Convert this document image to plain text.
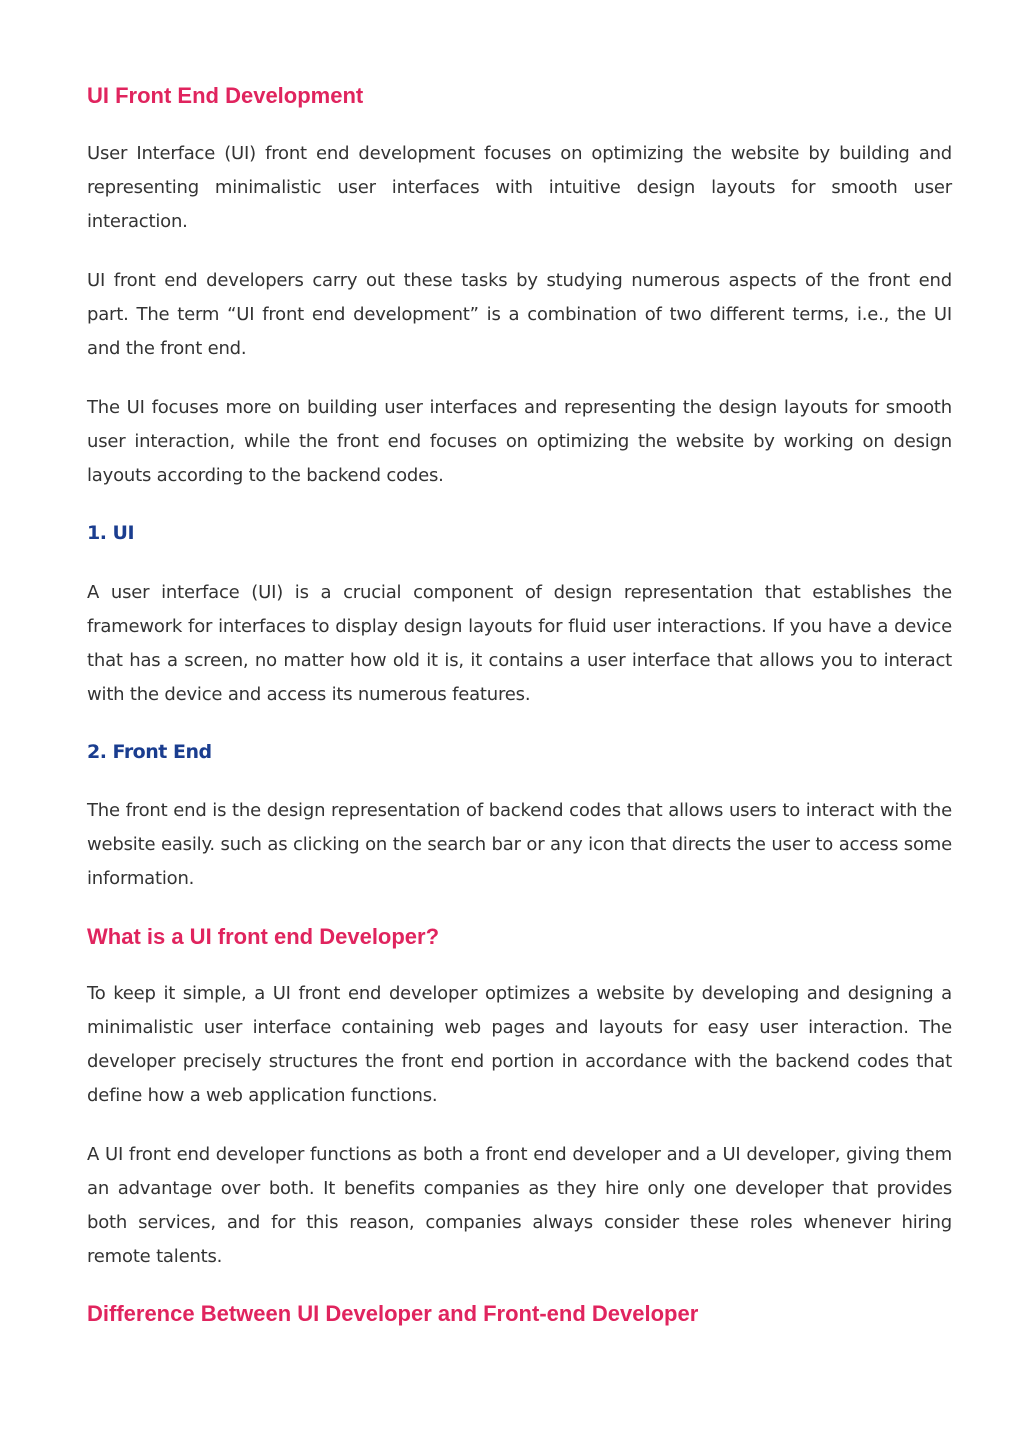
UI Front End Development

User Interface (UI) front end development focuses on optimizing the website by building and representing minimalistic user interfaces with intuitive design layouts for smooth user interaction.

UI front end developers carry out these tasks by studying numerous aspects of the front end part. The term “UI front end development” is a combination of two different terms, i.e., the UI and the front end.

The UI focuses more on building user interfaces and representing the design layouts for smooth user interaction, while the front end focuses on optimizing the website by working on design layouts according to the backend codes.

1. UI

A user interface (UI) is a crucial component of design representation that establishes the framework for interfaces to display design layouts for fluid user interactions. If you have a device that has a screen, no matter how old it is, it contains a user interface that allows you to interact with the device and access its numerous features.

2. Front End

The front end is the design representation of backend codes that allows users to interact with the website easily. such as clicking on the search bar or any icon that directs the user to access some information.

What is a UI front end Developer?

To keep it simple, a UI front end developer optimizes a website by developing and designing a minimalistic user interface containing web pages and layouts for easy user interaction. The developer precisely structures the front end portion in accordance with the backend codes that define how a web application functions.

A UI front end developer functions as both a front end developer and a UI developer, giving them an advantage over both. It benefits companies as they hire only one developer that provides both services, and for this reason, companies always consider these roles whenever hiring remote talents.

Difference Between UI Developer and Front-end Developer
